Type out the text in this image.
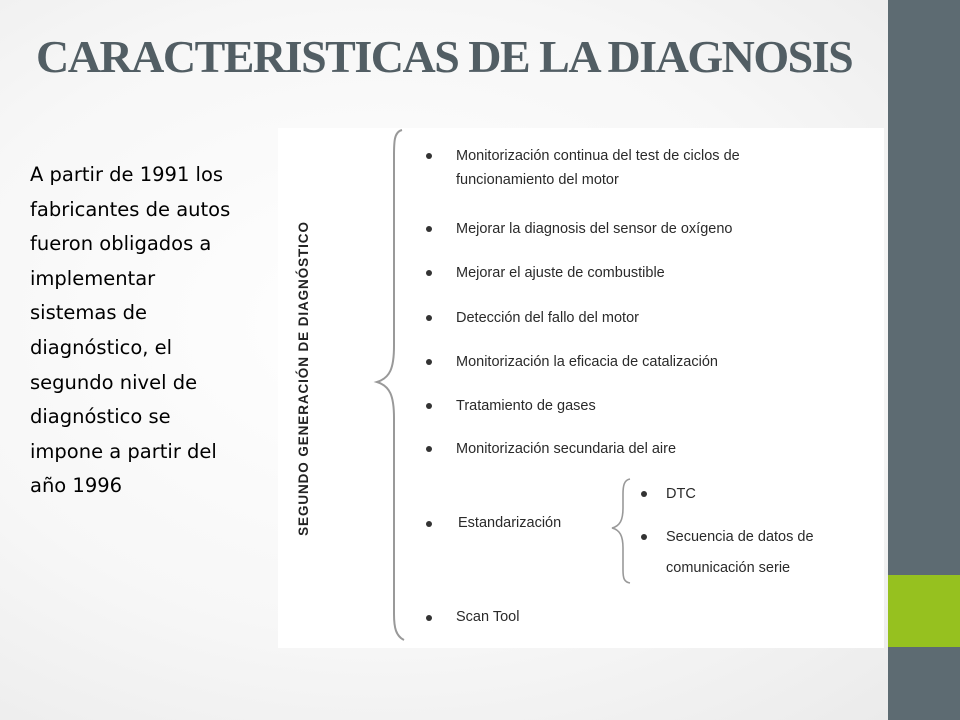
CARACTERISTICAS DE LA DIAGNOSIS
A partir de 1991 los fabricantes de autos fueron obligados a implementar sistemas de diagnóstico, el segundo nivel de diagnóstico se impone a partir del año 1996	SEGUNDO GENERACIÓN DE DIAGNÓSTICO
Monitorización continua del test de ciclos de
funcionamiento del motor
Mejorar la diagnosis del sensor de oxígeno
Mejorar el ajuste de combustible
Detección del fallo del motor
Monitorización la eficacia de catalización
Tratamiento de gases
Monitorización secundaria del aire
Estandarización
DTC
Secuencia de datos de
comunicación serie
Scan Tool
